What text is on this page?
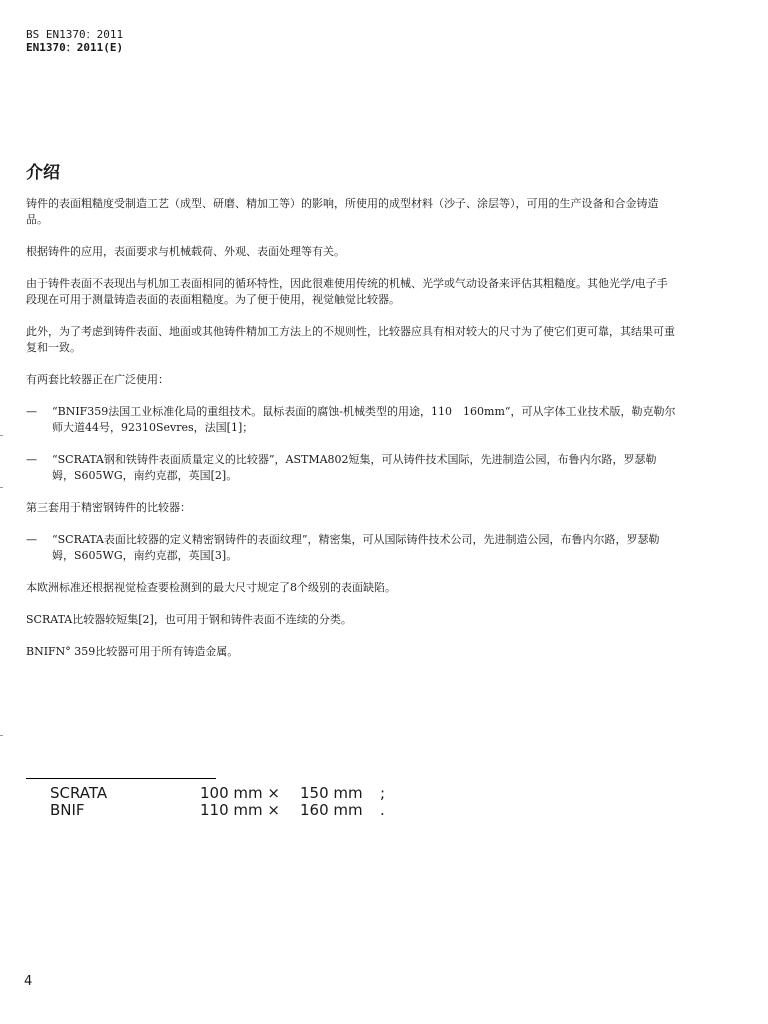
BS EN1370：2011
EN1370：2011(E)
介绍

铸件的表面粗糙度受制造工艺（成型、研磨、精加工等）的影响，所使用的成型材料（沙子、涂层等），可用的生产设备和合金铸造品。

根据铸件的应用，表面要求与机械载荷、外观、表面处理等有关。

由于铸件表面不表现出与机加工表面相同的循环特性，因此很难使用传统的机械、光学或气动设备来评估其粗糙度。其他光学/电子手段现在可用于测量铸造表面的表面粗糙度。为了便于使用，视觉触觉比较器。

此外，为了考虑到铸件表面、地面或其他铸件精加工方法上的不规则性，比较器应具有相对较大的尺寸为了使它们更可靠，其结果可重复和一致。

有两套比较器正在广泛使用：

— “BNIF359法国工业标准化局的重组技术。鼠标表面的腐蚀-机械类型的用途，110　160mm“，可从字体工业技术版，勒克勒尔师大道44号，92310Sevres，法国[1]；
— “SCRATA钢和铁铸件表面质量定义的比较器”，ASTMA802短集，可从铸件技术国际，先进制造公园，布鲁内尔路，罗瑟勒姆，S605WG，南约克郡，英国[2]。

第三套用于精密钢铸件的比较器：

— “SCRATA表面比较器的定义精密钢铸件的表面纹理”，精密集，可从国际铸件技术公司，先进制造公园，布鲁内尔路，罗瑟勒姆，S605WG，南约克郡，英国[3]。

本欧洲标准还根据视觉检查要检测到的最大尺寸规定了8个级别的表面缺陷。

SCRATA比较器较短集[2]，也可用于钢和铸件表面不连续的分类。

BNIFN° 359比较器可用于所有铸造金属。

SCRATA	100 mm ×	150 mm	;
BNIF	110 mm ×	160 mm	.
4
